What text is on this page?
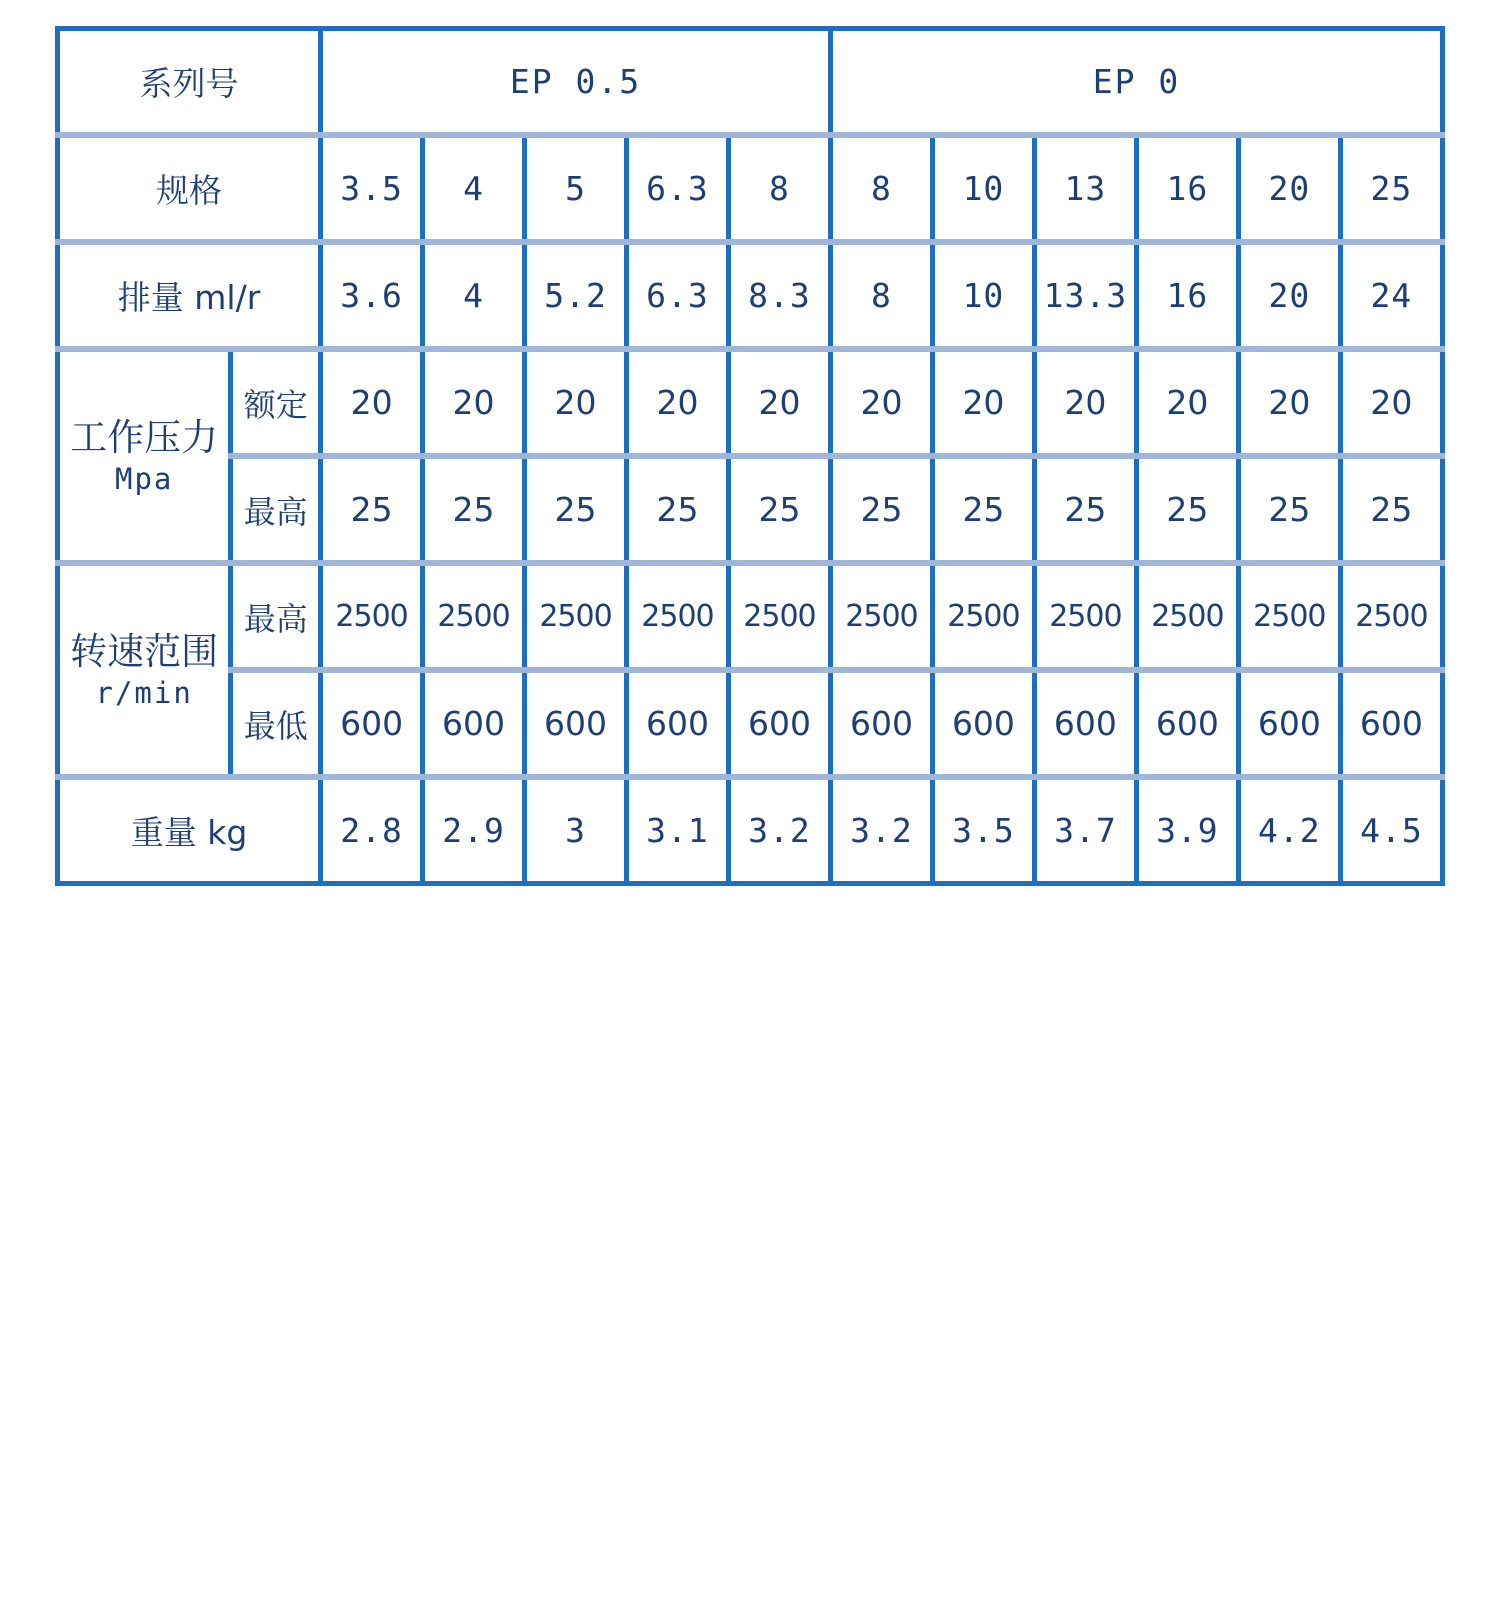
系列号		EP 0.5					EP 0					
规格		3.5	4	5	6.3	8	8	10	13	16	20	25
排量 ml/r		3.6	4	5.2	6.3	8.3	8	10	13.3	16	20	24

工作压力
Mpa	额定	20	20	20	20	20	20	20	20	20	20	20
	最高	25	25	25	25	25	25	25	25	25	25	25

转速范围
r/min	最高	2500	2500	2500	2500	2500	2500	2500	2500	2500	2500	2500
	最低	600	600	600	600	600	600	600	600	600	600	600
重量 kg		2.8	2.9	3	3.1	3.2	3.2	3.5	3.7	3.9	4.2	4.5
